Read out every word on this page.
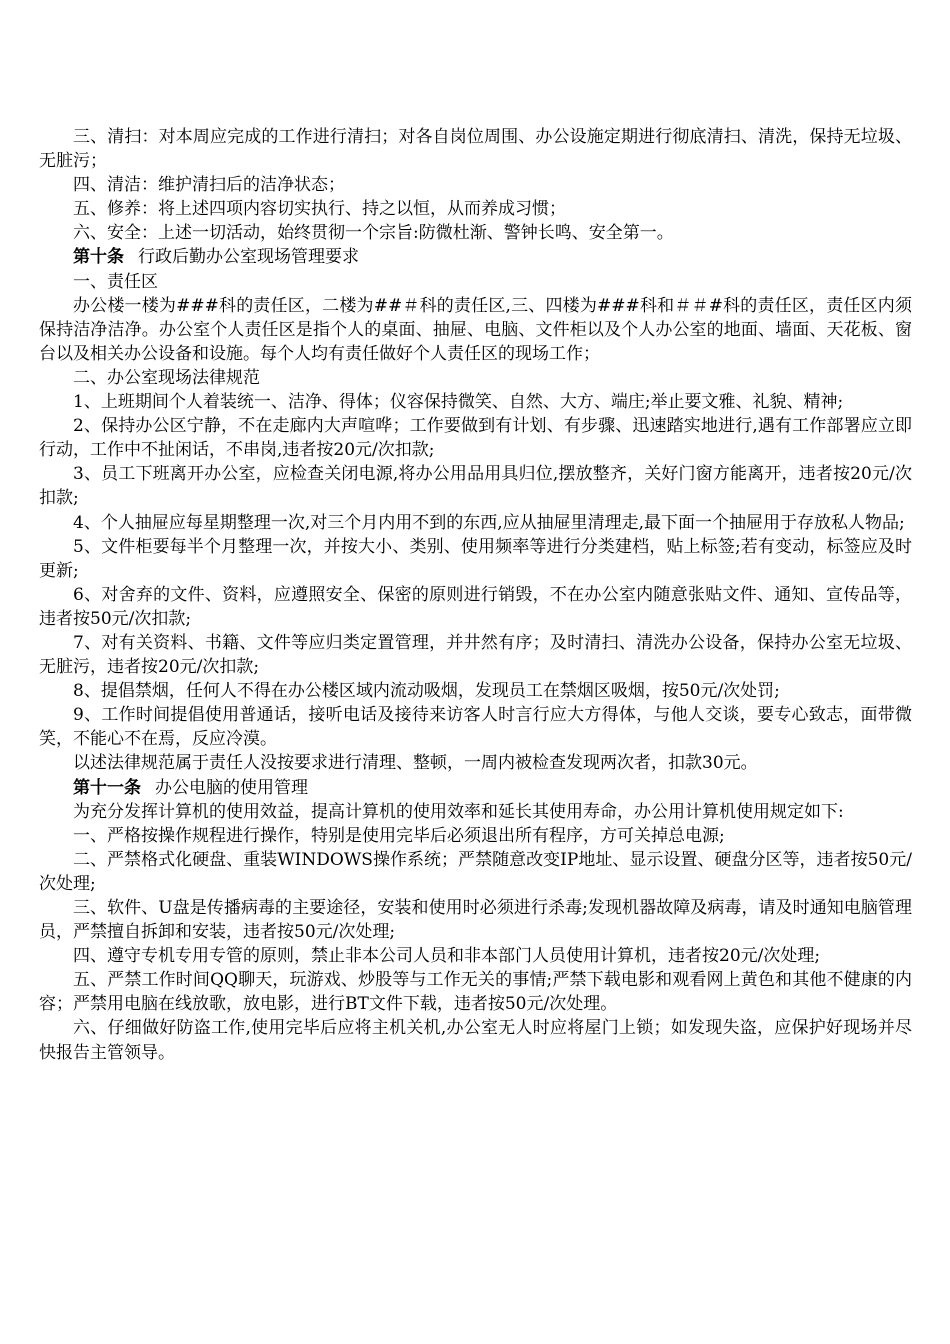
三、清扫：对本周应完成的工作进行清扫；对各自岗位周围、办公设施定期进行彻底清扫、清洗，保持无垃圾、无脏污；

四、清洁：维护清扫后的洁净状态；

五、修养：将上述四项内容切实执行、持之以恒，从而养成习惯；

六、安全：上述一切活动，始终贯彻一个宗旨:防微杜渐、警钟长鸣、安全第一。

第十条 行政后勤办公室现场管理要求

一、责任区

办公楼一楼为###科的责任区，二楼为##＃科的责任区,三、四楼为###科和＃＃#科的责任区，责任区内须保持洁净洁净。办公室个人责任区是指个人的桌面、抽屉、电脑、文件柜以及个人办公室的地面、墙面、天花板、窗台以及相关办公设备和设施。每个人均有责任做好个人责任区的现场工作；

二、办公室现场法律规范

1、上班期间个人着装统一、洁净、得体；仪容保持微笑、自然、大方、端庄;举止要文雅、礼貌、精神;

2、保持办公区宁静，不在走廊内大声喧哗；工作要做到有计划、有步骤、迅速踏实地进行,遇有工作部署应立即行动，工作中不扯闲话，不串岗,违者按20元/次扣款;

3、员工下班离开办公室，应检查关闭电源,将办公用品用具归位,摆放整齐，关好门窗方能离开，违者按20元/次扣款;

4、个人抽屉应每星期整理一次,对三个月内用不到的东西,应从抽屉里清理走,最下面一个抽屉用于存放私人物品;

5、文件柜要每半个月整理一次，并按大小、类别、使用频率等进行分类建档，贴上标签;若有变动，标签应及时更新;

6、对舍弃的文件、资料，应遵照安全、保密的原则进行销毁，不在办公室内随意张贴文件、通知、宣传品等，违者按50元/次扣款;

7、对有关资料、书籍、文件等应归类定置管理，并井然有序；及时清扫、清洗办公设备，保持办公室无垃圾、无脏污，违者按20元/次扣款;

8、提倡禁烟，任何人不得在办公楼区域内流动吸烟，发现员工在禁烟区吸烟，按50元/次处罚;

9、工作时间提倡使用普通话，接听电话及接待来访客人时言行应大方得体，与他人交谈，要专心致志，面带微笑，不能心不在焉，反应冷漠。

以述法律规范属于责任人没按要求进行清理、整顿，一周内被检查发现两次者，扣款30元。

第十一条 办公电脑的使用管理

为充分发挥计算机的使用效益，提高计算机的使用效率和延长其使用寿命，办公用计算机使用规定如下:

一、严格按操作规程进行操作，特别是使用完毕后必须退出所有程序，方可关掉总电源;

二、严禁格式化硬盘、重装WINDOWS操作系统；严禁随意改变IP地址、显示设置、硬盘分区等，违者按50元/次处理;

三、软件、U盘是传播病毒的主要途径，安装和使用时必须进行杀毒;发现机器故障及病毒，请及时通知电脑管理员，严禁擅自拆卸和安装，违者按50元/次处理;

四、遵守专机专用专管的原则，禁止非本公司人员和非本部门人员使用计算机，违者按20元/次处理;

五、严禁工作时间QQ聊天，玩游戏、炒股等与工作无关的事情;严禁下载电影和观看网上黄色和其他不健康的内容；严禁用电脑在线放歌，放电影，进行BT文件下载，违者按50元/次处理。

六、仔细做好防盗工作,使用完毕后应将主机关机,办公室无人时应将屋门上锁；如发现失盗，应保护好现场并尽快报告主管领导。
